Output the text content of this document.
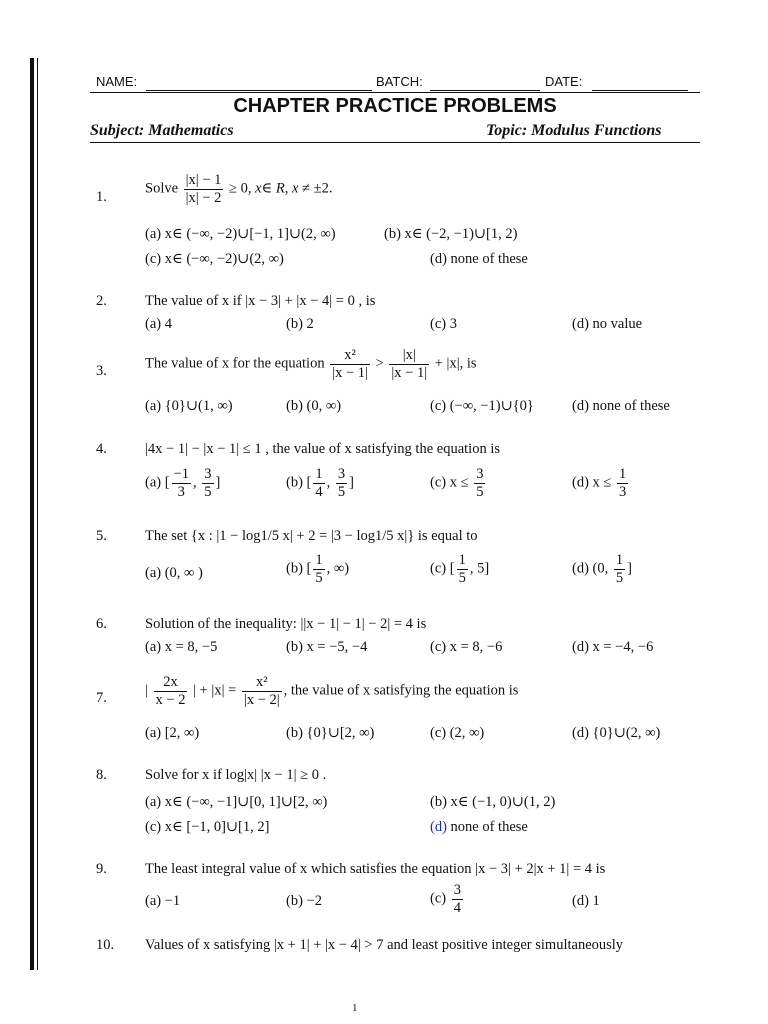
NAME:	BATCH:	DATE:
CHAPTER PRACTICE PROBLEMS
Subject: Mathematics	Topic: Modulus Functions
1.
Solve $\frac{|x| - 1}{|x| - 2} \ge 0$, x∈ R, x ≠ ±2.
(a) x∈ (−∞, −2)∪[−1, 1]∪(2, ∞)	(b) x∈ (−2, −1)∪[1, 2)
(c) x∈ (−∞, −2)∪(2, ∞)	(d) none of these
2.	The value of x if |x − 3| + |x − 4| = 0 , is
(a) 4	(b) 2	(c) 3	(d) no value
3.	The value of x for the equation $\frac{\text{x²}}{|x - 1|} > \frac{|x|}{|x - 1|} + |x|$, is
(a) {0}∪(1, ∞)	(b) (0, ∞)	(c) (−∞, −1)∪{0}	(d) none of these
4.	|4x − 1| − |x − 1| ≤ 1 , the value of x satisfying the equation is
(a) [ $\frac{-1}{3}$ , $\frac{3}{5}$ ]	(b) [ $\frac{1}{4}$ , $\frac{3}{5}$ ]	(c) $x \le \frac{3}{5}$	(d) $x \le \frac{1}{3}$
5.	The set {x : |1 − log1/5 x| + 2 = |3 − log1/5 x|} is equal to
(a) (0, ∞ )	(b) [ $\frac{1}{5}$ , ∞)	(c) [ $\frac{1}{5}$ , 5]	(d) (0, $\frac{1}{5}$ ]
6.	Solution of the inequality: ||x − 1| − 1| − 2| = 4 is
(a) x = 8, −5	(b) x = −5, −4	(c) x = 8, −6	(d) x = −4, −6
7.	| $\frac{2x}{x - 2}$ | + $|x| = \frac{\text{x²}}{|x - 2|}$ , the value of x satisfying the equation is
(a) [2, ∞)	(b) {0}∪[2, ∞)	(c) (2, ∞)	(d) {0}∪(2, ∞)
8.	Solve for x if log|x| |x − 1| ≥ 0 .
(a) x∈ (−∞, −1]∪[0, 1]∪[2, ∞)	(b) x∈ (−1, 0)∪(1, 2)
(c) x∈ [−1, 0]∪[1, 2]	(d) none of these
9.	The least integral value of x which satisfies the equation |x − 3| + 2|x + 1| = 4 is
(a) −1	(b) −2	$(c) \frac{3}{4}$	(d) 1
10. Values of x satisfying |x + 1| + |x − 4| > 7 and least positive integer simultaneously
1
